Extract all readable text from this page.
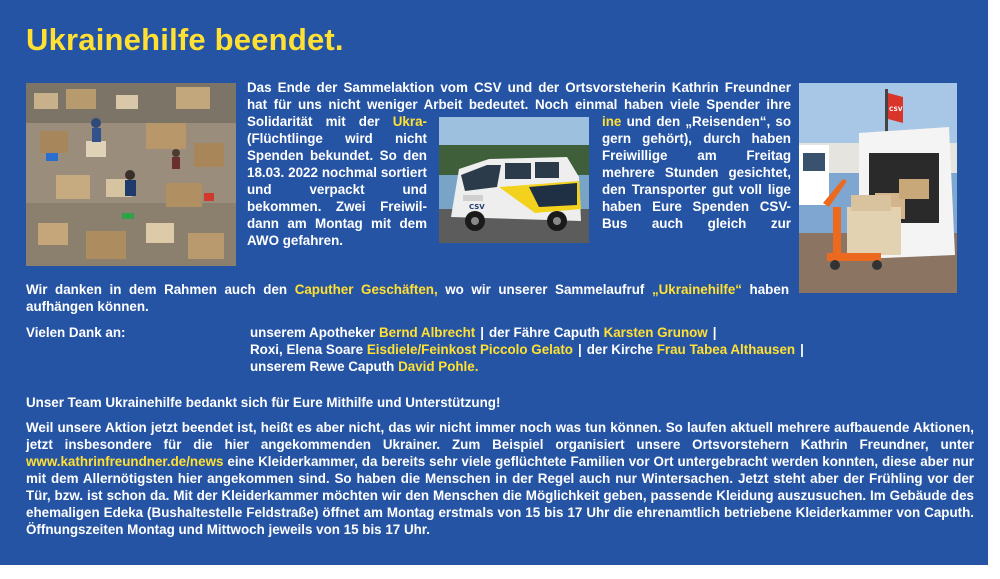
Ukrainehilfe beendet.
CSV
CSV
Das Ende der Sammelaktion vom CSV und der Ortsvorsteherin Kathrin Freundner
hat für uns nicht weniger Arbeit bedeutet. Noch einmal haben viele Spender ihre
Solidarität mit der Ukra- (Flüchtlinge wird nicht Spenden bekundet. So den 18.03. 2022 nochmal sortiert und verpackt und bekommen. Zwei Freiwil-dann am Montag mit dem AWO gefahren.
ine und den „Reisenden“, so gern gehört), durch haben Freiwillige am Freitag mehrere Stunden gesichtet, den Transporter gut voll lige haben Eure Spenden CSV-Bus auch gleich zur
Wir danken in dem Rahmen auch den Caputher Geschäften, wo wir unserer Sammelaufruf „Ukrainehilfe“ haben aufhängen können.
Vielen Dank an:	unserem Apotheker Bernd Albrecht | der Fähre Caputh Karsten Grunow |
Roxi, Elena Soare Eisdiele/Feinkost Piccolo Gelato | der Kirche Frau Tabea Althausen |
unserem Rewe Caputh David Pohle.
Unser Team Ukrainehilfe bedankt sich für Eure Mithilfe und Unterstützung!
Weil unsere Aktion jetzt beendet ist, heißt es aber nicht, das wir nicht immer noch was tun können. So laufen aktuell mehrere aufbauende Aktionen, jetzt insbesondere für die hier angekommenden Ukrainer. Zum Beispiel organisiert unsere Ortsvorstehern Kathrin Freundner, unter www.kathrinfreundner.de/news eine Kleiderkammer, da bereits sehr viele geflüchtete Familien vor Ort untergebracht werden konnten, diese aber nur mit dem Allernötigsten hier angekommen sind. So haben die Menschen in der Regel auch nur Wintersachen. Jetzt steht aber der Frühling vor der Tür, bzw. ist schon da. Mit der Kleiderkammer möchten wir den Menschen die Möglichkeit geben, passende Kleidung auszusuchen. Im Gebäude des ehemaligen Edeka (Bushaltestelle Feldstraße) öffnet am Montag erstmals von 15 bis 17 Uhr die ehrenamtlich betriebene Kleiderkammer von Caputh. Öffnungszeiten Montag und Mittwoch jeweils von 15 bis 17 Uhr.
